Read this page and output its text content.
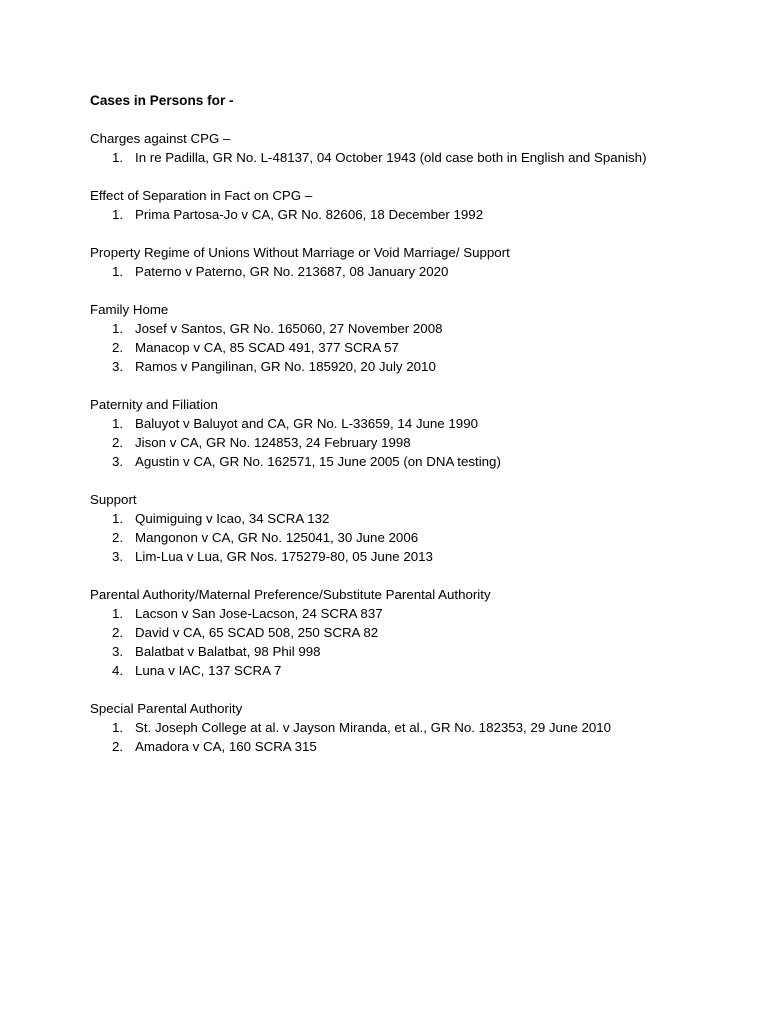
Cases in Persons for -
Charges against CPG –
1. In re Padilla, GR No. L-48137, 04 October 1943 (old case both in English and Spanish)
Effect of Separation in Fact on CPG –
1. Prima Partosa-Jo v CA, GR No. 82606, 18 December 1992
Property Regime of Unions Without Marriage or Void Marriage/ Support
1. Paterno v Paterno, GR No. 213687, 08 January 2020
Family Home
1. Josef v Santos, GR No. 165060, 27 November 2008
2. Manacop v CA, 85 SCAD 491, 377 SCRA 57
3. Ramos v Pangilinan, GR No. 185920, 20 July 2010
Paternity and Filiation
1. Baluyot v Baluyot and CA, GR No. L-33659, 14 June 1990
2. Jison v CA, GR No. 124853, 24 February 1998
3. Agustin v CA, GR No. 162571, 15 June 2005 (on DNA testing)
Support
1. Quimiguing v Icao, 34 SCRA 132
2. Mangonon v CA, GR No. 125041, 30 June 2006
3. Lim-Lua v Lua, GR Nos. 175279-80, 05 June 2013
Parental Authority/Maternal Preference/Substitute Parental Authority
1. Lacson v San Jose-Lacson, 24 SCRA 837
2. David v CA, 65 SCAD 508, 250 SCRA 82
3. Balatbat v Balatbat, 98 Phil 998
4. Luna v IAC, 137 SCRA 7
Special Parental Authority
1. St. Joseph College at al. v Jayson Miranda, et al., GR No. 182353, 29 June 2010
2. Amadora v CA, 160 SCRA 315
